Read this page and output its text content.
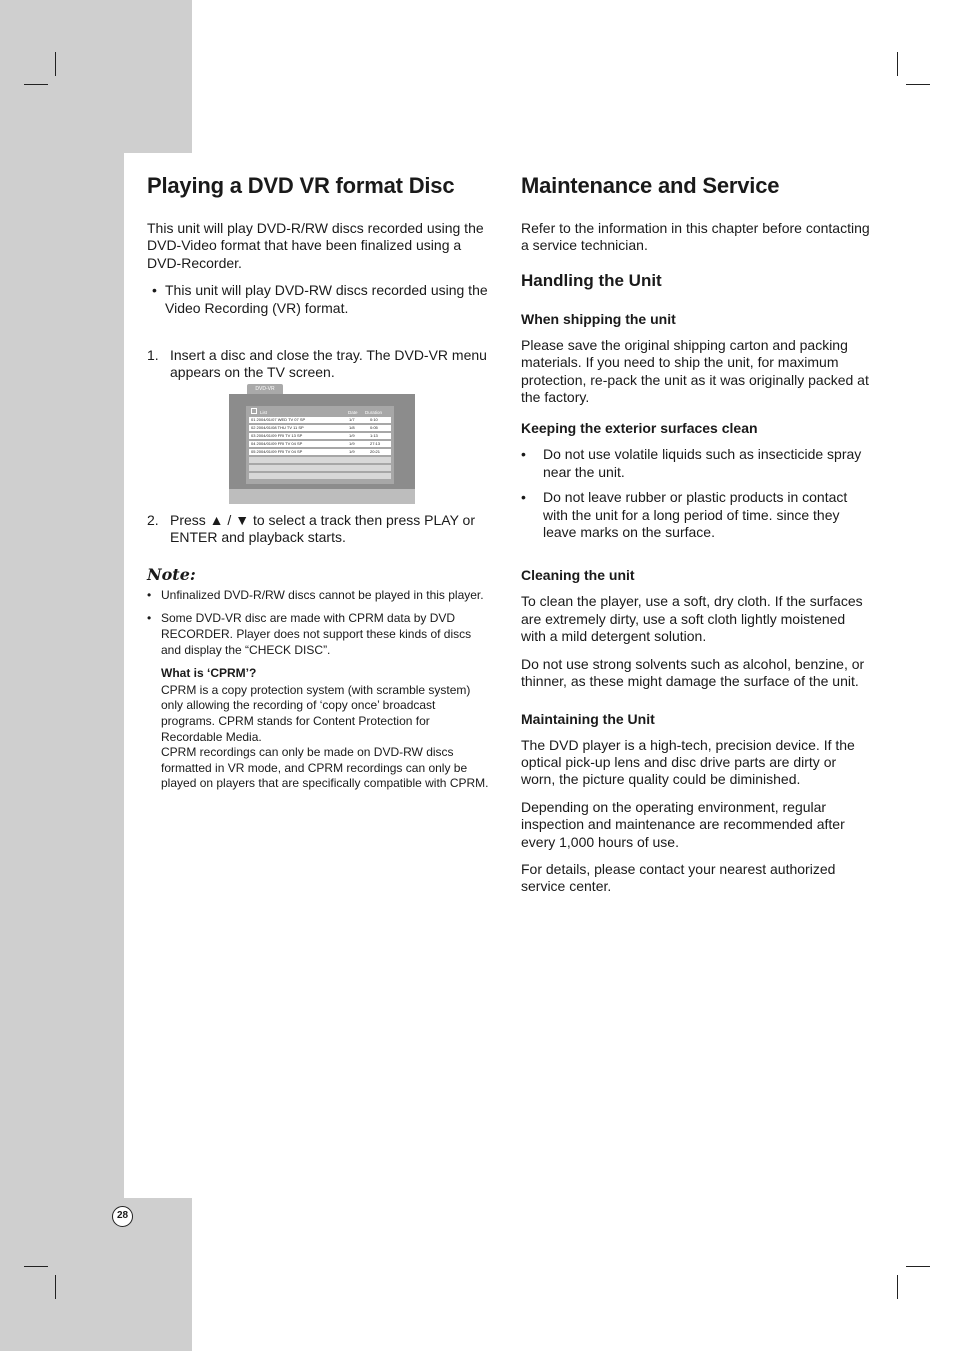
Playing a DVD VR format Disc

This unit will play DVD-R/RW discs recorded using the DVD-Video format that have been finalized using a DVD-Recorder.

• This unit will play DVD-RW discs recorded using the Video Recording (VR) format.
1. Insert a disc and close the tray. The DVD-VR menu appears on the TV screen.
DVD-VR
List	Date Duration
01 2004/01/07 WED TV 07 SP	1/7	0:10
02 2004/01/08 THU TV 11 SP	1/8	0:05
03 2004/01/09 FRI TV 13 SP	1/9	1:13
04 2004/01/09 FRI TV 04 SP	1/9	27:13
05 2004/01/09 FRI TV 04 SP	1/9	20:21
2. Press ▲ / ▼ to select a track then press PLAY or ENTER and playback starts.
Note:
• Unfinalized DVD-R/RW discs cannot be played in this player.
• Some DVD-VR disc are made with CPRM data by DVD RECORDER. Player does not support these kinds of discs and display the “CHECK DISC”.
What is ‘CPRM’?
CPRM is a copy protection system (with scramble system) only allowing the recording of ‘copy once’ broadcast programs. CPRM stands for Content Protection for Recordable Media.
CPRM recordings can only be made on DVD-RW discs formatted in VR mode, and CPRM recordings can only be played on players that are specifically compatible with CPRM.
Maintenance and Service

Refer to the information in this chapter before contacting a service technician.

Handling the Unit
When shipping the unit

Please save the original shipping carton and packing materials. If you need to ship the unit, for maximum protection, re-pack the unit as it was originally packed at the factory.

Keeping the exterior surfaces clean
• Do not use volatile liquids such as insecticide spray near the unit.
• Do not leave rubber or plastic products in contact with the unit for a long period of time. since they leave marks on the surface.
Cleaning the unit

To clean the player, use a soft, dry cloth. If the surfaces are extremely dirty, use a soft cloth lightly moistened with a mild detergent solution.

Do not use strong solvents such as alcohol, benzine, or thinner, as these might damage the surface of the unit.

Maintaining the Unit

The DVD player is a high-tech, precision device. If the optical pick-up lens and disc drive parts are dirty or worn, the picture quality could be diminished.

Depending on the operating environment, regular inspection and maintenance are recommended after every 1,000 hours of use.

For details, please contact your nearest authorized service center.

28
